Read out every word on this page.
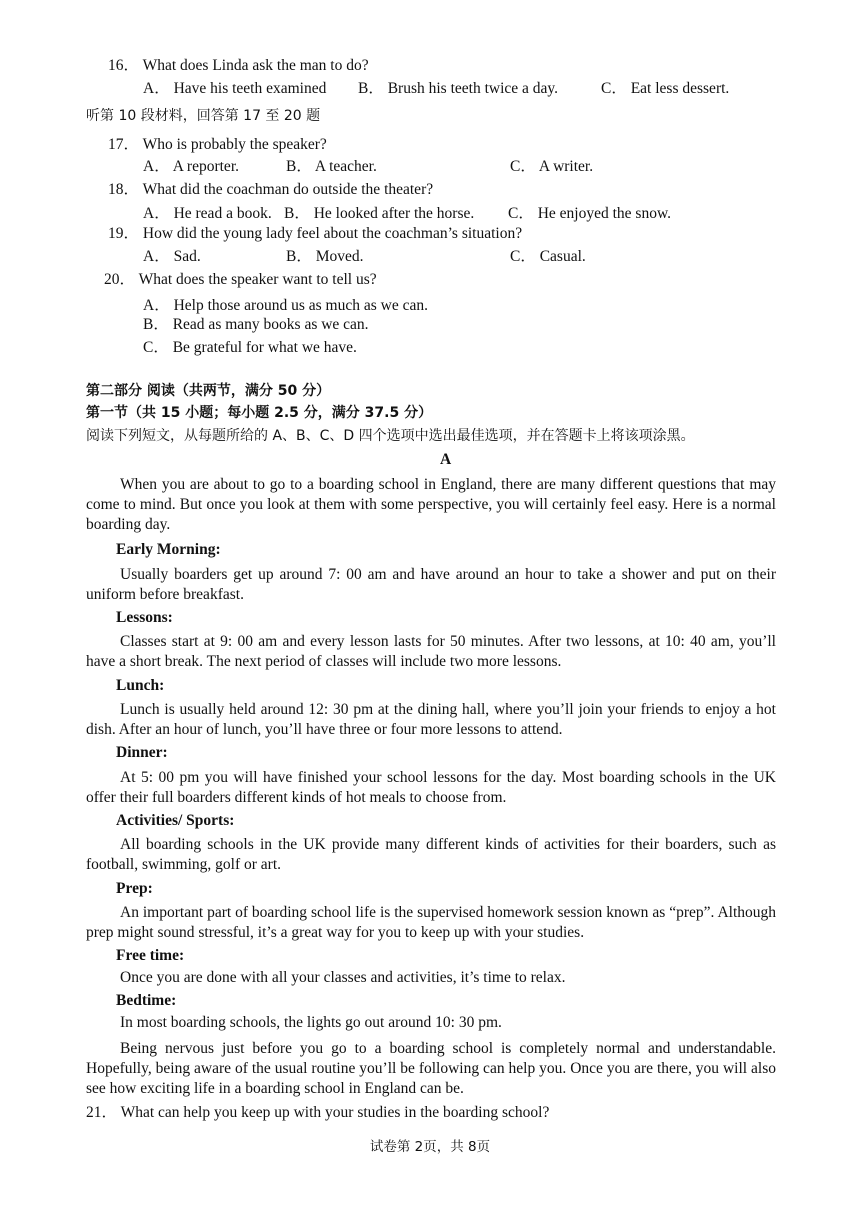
16． What does Linda ask the man to do?
A． Have his teeth examined B． Brush his teeth twice a day.	C． Eat less dessert.
听第 10 段材料，回答第 17 至 20 题
17． Who is probably the speaker?
A． A reporter.	B． A teacher.	C． A writer.
18． What did the coachman do outside the theater?
A． He read a book. B． He looked after the horse. C． He enjoyed the snow.
19． How did the young lady feel about the coachman’s situation?
A． Sad.	B． Moved.	C． Casual.
20． What does the speaker want to tell us?
A． Help those around us as much as we can.
B． Read as many books as we can.
C． Be grateful for what we have.
第二部分 阅读（共两节，满分 50 分）
第一节（共 15 小题；每小题 2.5 分，满分 37.5 分）
阅读下列短文，从每题所给的 A、B、C、D 四个选项中选出最佳选项，并在答题卡上将该项涂黑。
A
When you are about to go to a boarding school in England, there are many different questions that may come to mind. But once you look at them with some perspective, you will certainly feel easy. Here is a normal boarding day.
Early Morning:
Usually boarders get up around 7: 00 am and have around an hour to take a shower and put on their uniform before breakfast.
Lessons:
Classes start at 9: 00 am and every lesson lasts for 50 minutes. After two lessons, at 10: 40 am, you’ll have a short break. The next period of classes will include two more lessons.
Lunch:
Lunch is usually held around 12: 30 pm at the dining hall, where you’ll join your friends to enjoy a hot dish. After an hour of lunch, you’ll have three or four more lessons to attend.
Dinner:
At 5: 00 pm you will have finished your school lessons for the day. Most boarding schools in the UK offer their full boarders different kinds of hot meals to choose from.
Activities/ Sports:
All boarding schools in the UK provide many different kinds of activities for their boarders, such as football, swimming, golf or art.
Prep:
An important part of boarding school life is the supervised homework session known as “prep”. Although prep might sound stressful, it’s a great way for you to keep up with your studies.
Free time:
Once you are done with all your classes and activities, it’s time to relax.
Bedtime:
In most boarding schools, the lights go out around 10: 30 pm.
Being nervous just before you go to a boarding school is completely normal and understandable. Hopefully, being aware of the usual routine you’ll be following can help you. Once you are there, you will also see how exciting life in a boarding school in England can be.
21． What can help you keep up with your studies in the boarding school?
试卷第 2页，共 8页
